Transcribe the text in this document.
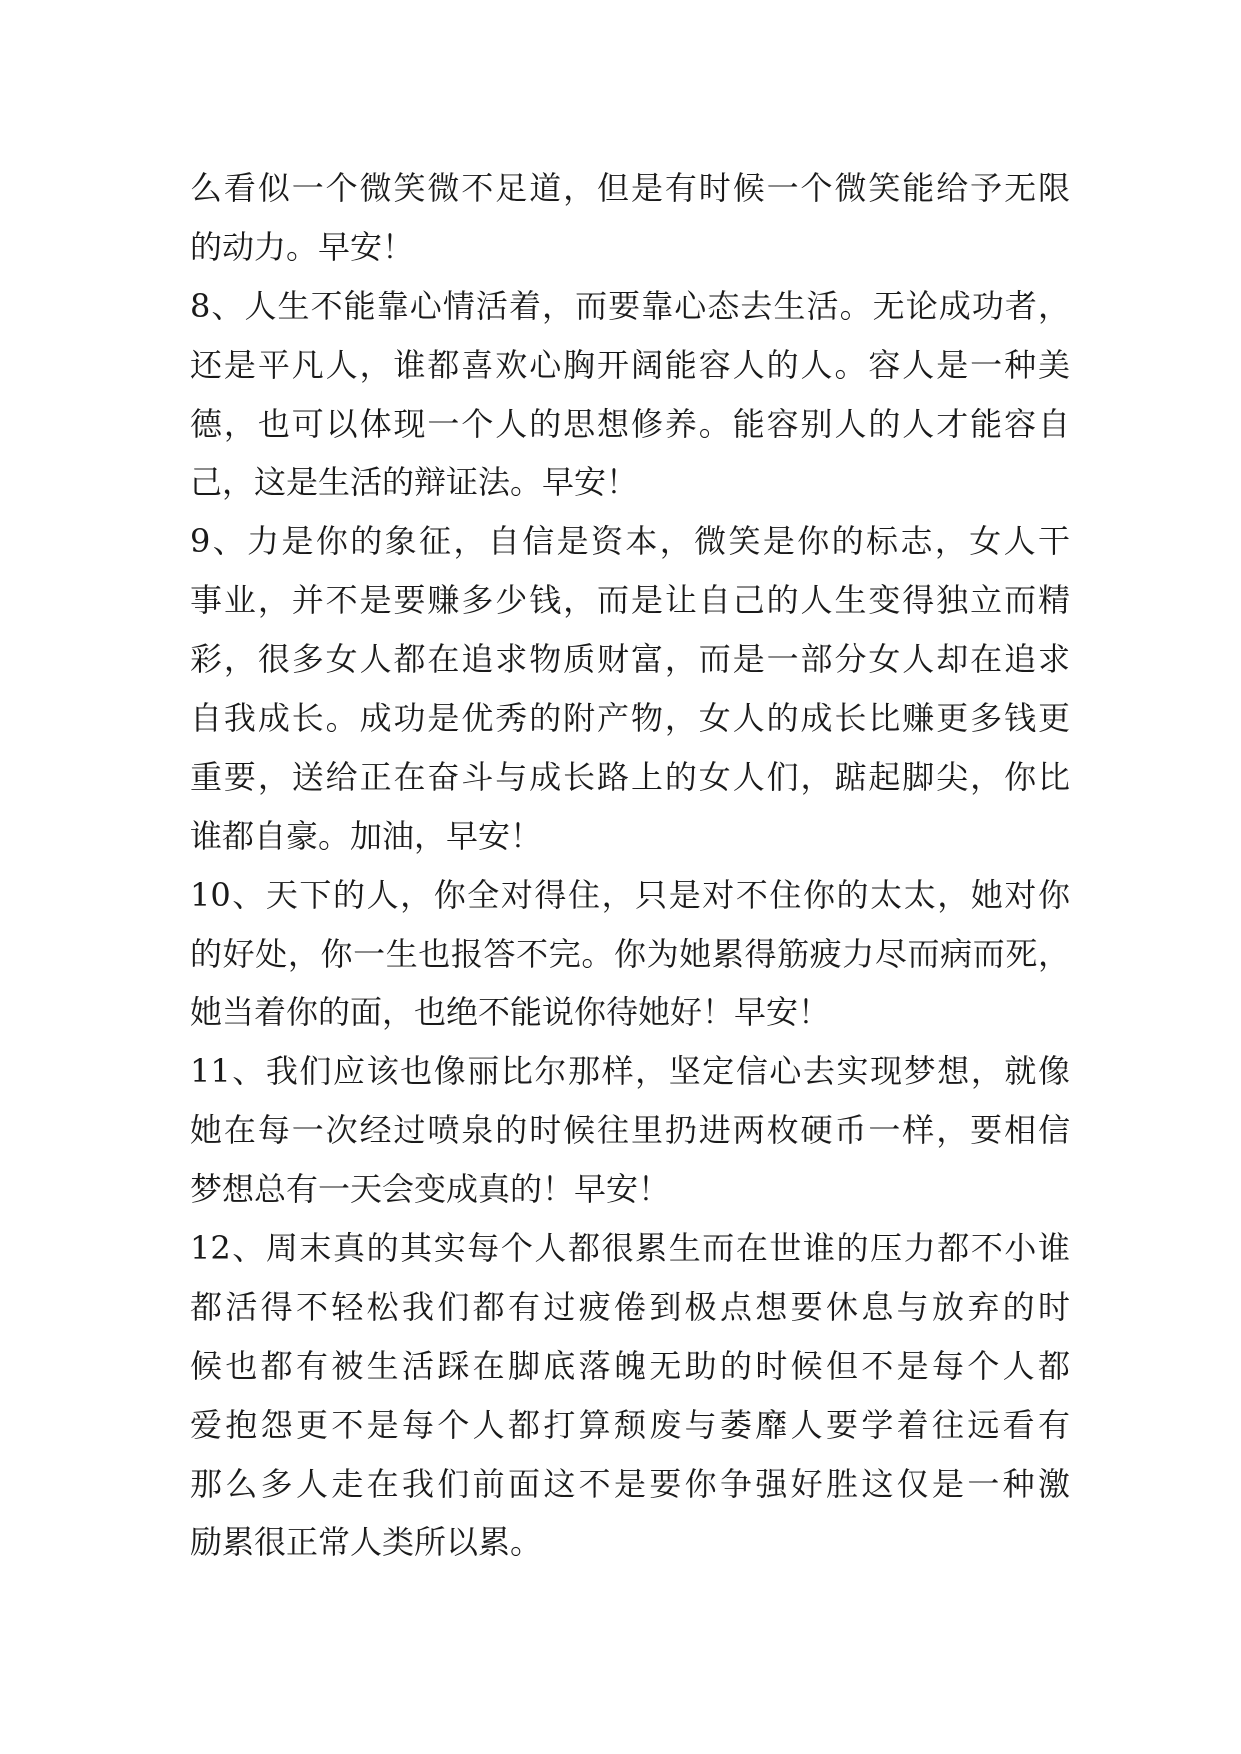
么看似一个微笑微不足道，但是有时候一个微笑能给予无限
的动力。早安！
8、人生不能靠心情活着，而要靠心态去生活。无论成功者，
还是平凡人，谁都喜欢心胸开阔能容人的人。容人是一种美
德，也可以体现一个人的思想修养。能容别人的人才能容自
己，这是生活的辩证法。早安！
9、力是你的象征，自信是资本，微笑是你的标志，女人干
事业，并不是要赚多少钱，而是让自己的人生变得独立而精
彩，很多女人都在追求物质财富，而是一部分女人却在追求
自我成长。成功是优秀的附产物，女人的成长比赚更多钱更
重要，送给正在奋斗与成长路上的女人们，踮起脚尖，你比
谁都自豪。加油，早安！
10、天下的人，你全对得住，只是对不住你的太太，她对你
的好处，你一生也报答不完。你为她累得筋疲力尽而病而死，
她当着你的面，也绝不能说你待她好！早安！
11、我们应该也像丽比尔那样，坚定信心去实现梦想，就像
她在每一次经过喷泉的时候往里扔进两枚硬币一样，要相信
梦想总有一天会变成真的！早安！
12、周末真的其实每个人都很累生而在世谁的压力都不小谁
都活得不轻松我们都有过疲倦到极点想要休息与放弃的时
候也都有被生活踩在脚底落魄无助的时候但不是每个人都
爱抱怨更不是每个人都打算颓废与萎靡人要学着往远看有
那么多人走在我们前面这不是要你争强好胜这仅是一种激
励累很正常人类所以累。
